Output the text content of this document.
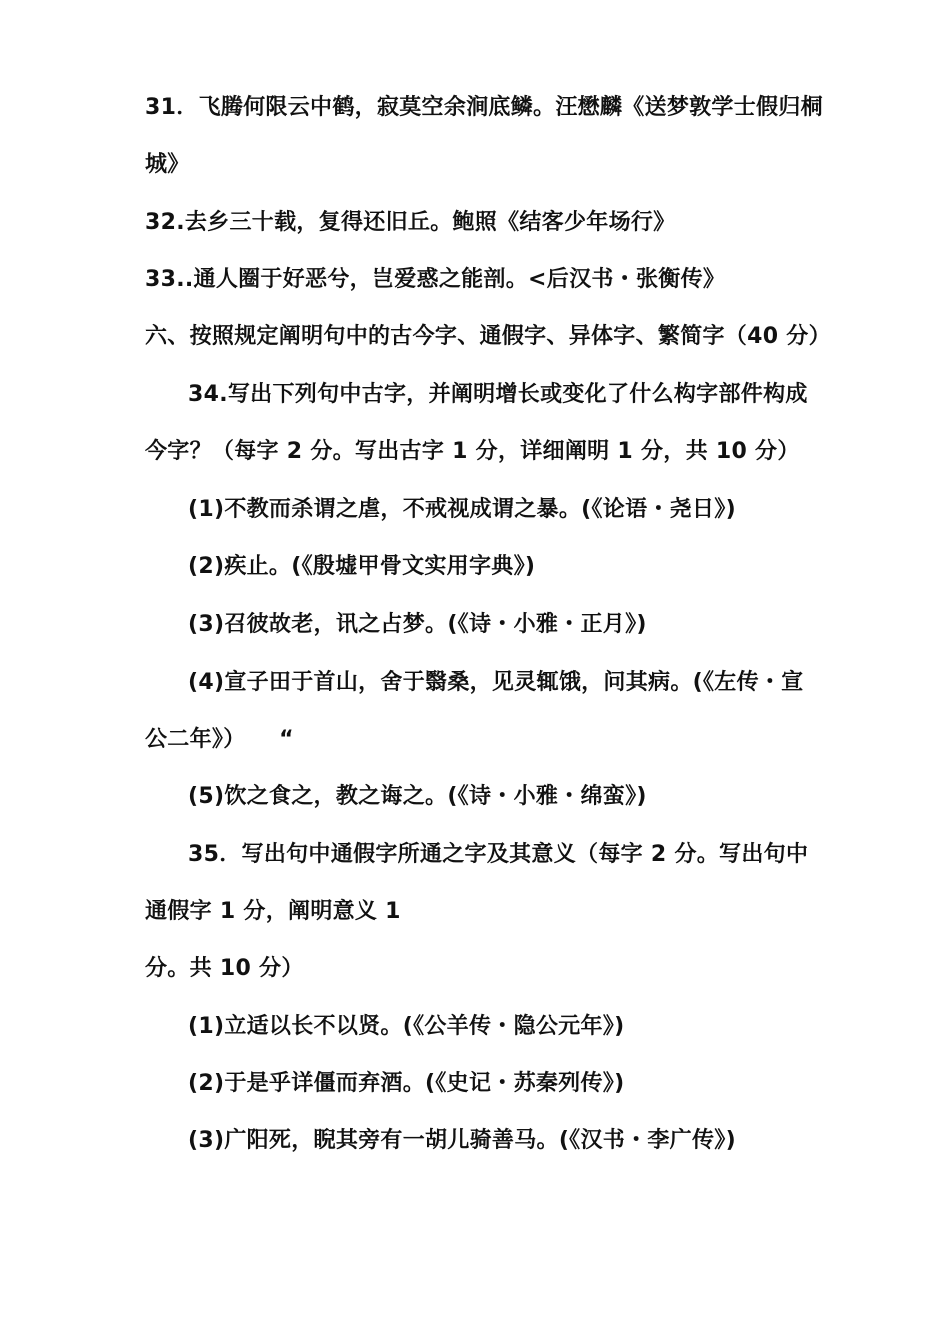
31．飞腾何限云中鹤，寂莫空余涧底鳞。汪懋麟《送梦敦学士假归桐
城》
32.去乡三十载，复得还旧丘。鲍照《结客少年场行》
33..通人圈于好恶兮，岂爱惑之能剖。<后汉书・张衡传》
六、按照规定阐明句中的古今字、通假字、异体字、繁简字（40 分）
34.写出下列句中古字，并阐明增长或变化了什么构字部件构成
今字？（每字 2 分。写出古字 1 分，详细阐明 1 分，共 10 分）
(1)不教而杀谓之虐，不戒视成谓之暴。(《论语・尧日》)
(2)疾止。(《殷墟甲骨文实用字典》)
(3)召彼故老，讯之占梦。(《诗・小雅・正月》)
(4)宣子田于首山，舍于翳桑，见灵辄饿，问其病。(《左传・宣
公二年》）　　“
(5)饮之食之，教之诲之。(《诗・小雅・绵蛮》)
35．写出句中通假字所通之字及其意义（每字 2 分。写出句中
通假字 1 分，阐明意义 1
分。共 10 分）
(1)立适以长不以贤。(《公羊传・隐公元年》)
(2)于是乎详僵而弃酒。(《史记・苏秦列传》)
(3)广阳死，睨其旁有一胡儿骑善马。(《汉书・李广传》)
